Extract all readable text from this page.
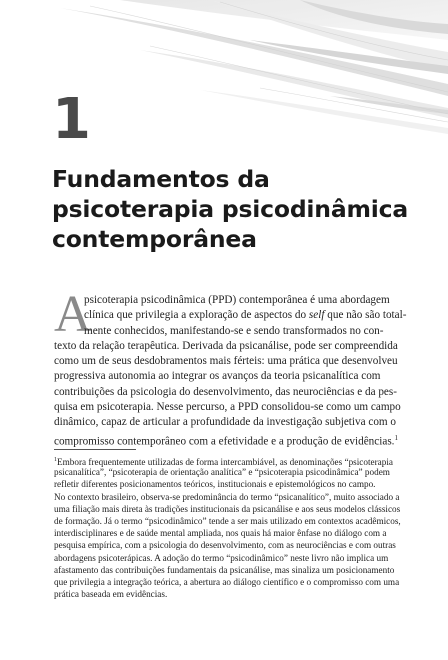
1
Fundamentos da
psicoterapia psicodinâmica
contemporânea
A
psicoterapia psicodinâmica (PPD) contemporânea é uma abordagem
clínica que privilegia a exploração de aspectos do self que não são total-
mente conhecidos, manifestando-se e sendo transformados no con-
texto da relação terapêutica. Derivada da psicanálise, pode ser compreendida
como um de seus desdobramentos mais férteis: uma prática que desenvolveu
progressiva autonomia ao integrar os avanços da teoria psicanalítica com
contribuições da psicologia do desenvolvimento, das neurociências e da pes-
quisa em psicoterapia. Nesse percurso, a PPD consolidou-se como um campo
dinâmico, capaz de articular a profundidade da investigação subjetiva com o
compromisso contemporâneo com a efetividade e a produção de evidências.$^1$
$^1$Embora frequentemente utilizadas de forma intercambiável, as denominações “psicoterapia
psicanalítica”, “psicoterapia de orientação analítica” e “psicoterapia psicodinâmica” podem
refletir diferentes posicionamentos teóricos, institucionais e epistemológicos no campo.
No contexto brasileiro, observa-se predominância do termo “psicanalítico”, muito associado a
uma filiação mais direta às tradições institucionais da psicanálise e aos seus modelos clássicos
de formação. Já o termo “psicodinâmico” tende a ser mais utilizado em contextos acadêmicos,
interdisciplinares e de saúde mental ampliada, nos quais há maior ênfase no diálogo com a
pesquisa empírica, com a psicologia do desenvolvimento, com as neurociências e com outras
abordagens psicoterápicas. A adoção do termo “psicodinâmico” neste livro não implica um
afastamento das contribuições fundamentais da psicanálise, mas sinaliza um posicionamento
que privilegia a integração teórica, a abertura ao diálogo científico e o compromisso com uma
prática baseada em evidências.
